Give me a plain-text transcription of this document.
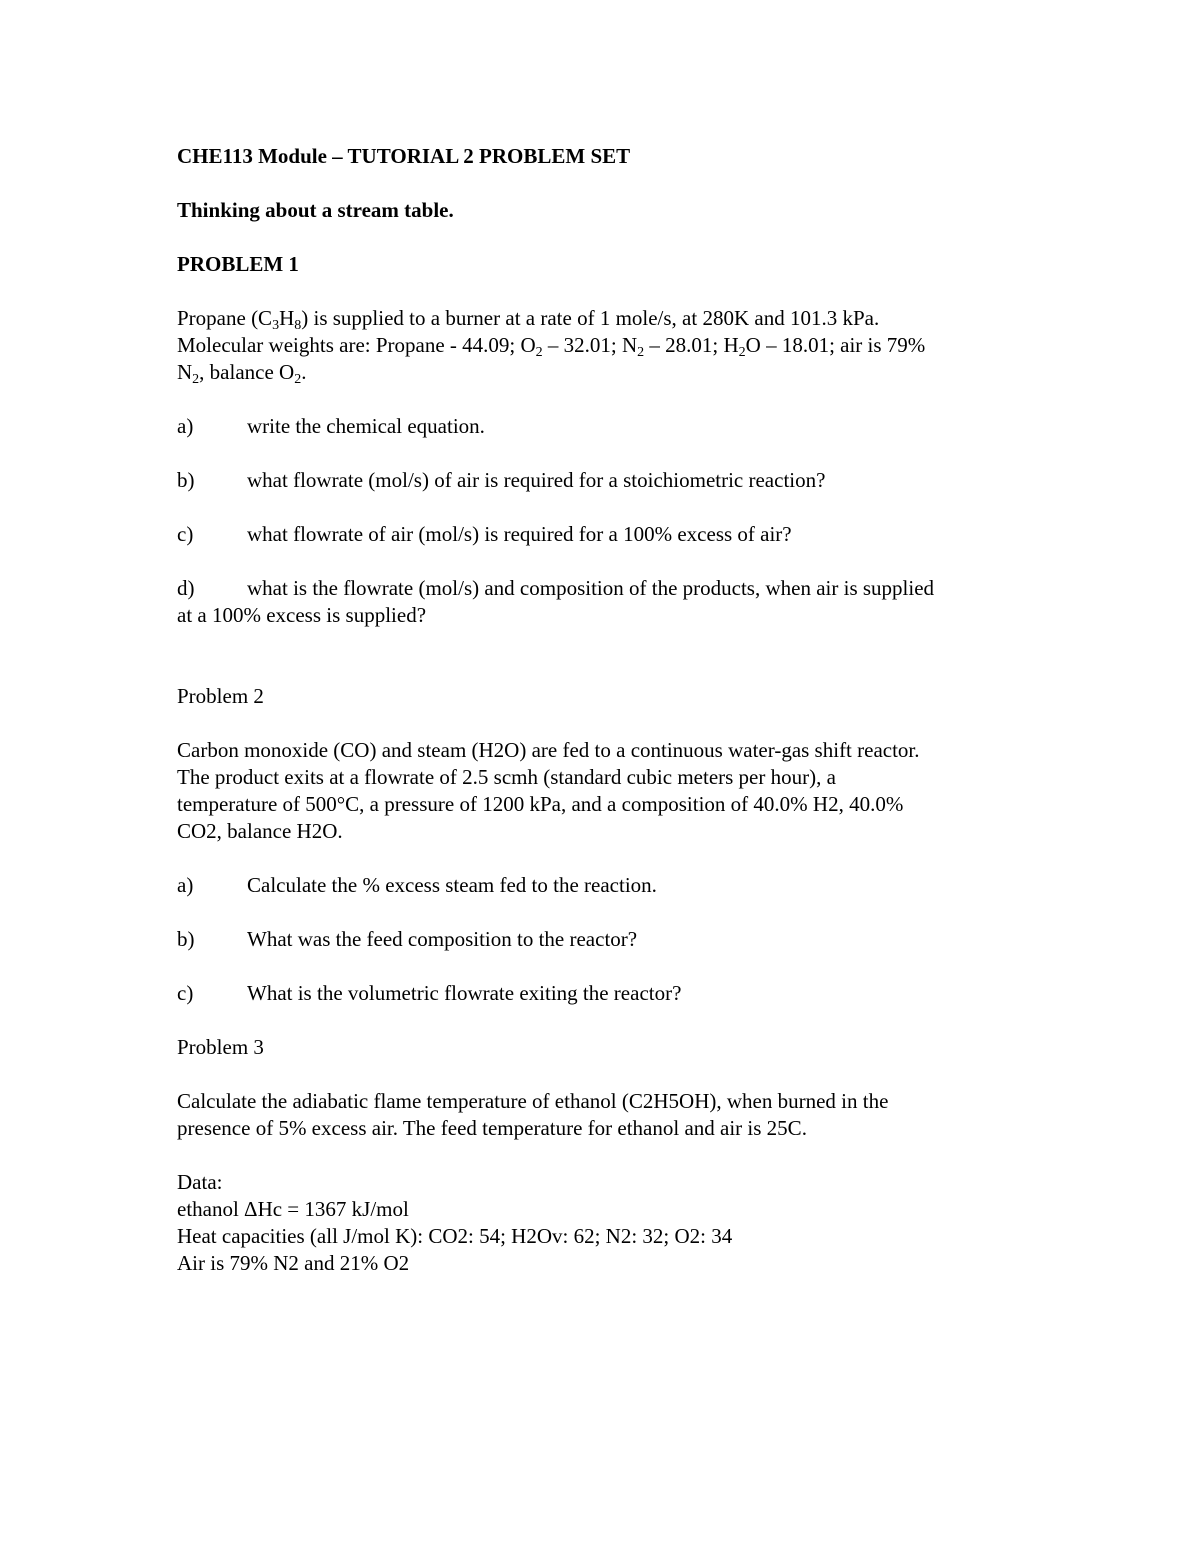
CHE113 Module – TUTORIAL 2 PROBLEM SET

Thinking about a stream table.

PROBLEM 1

Propane $(C_3H_8)$ is supplied to a burner at a rate of 1 mole/s, at 280K and 101.3 kPa.
Molecular weights are: Propane - 44.09; $O_2 - 32.01$; $N_2 - 28.01$; $H_2O - 18.01$; air is 79%
$N_2$, balance $O_2$.

a)	write the chemical equation.
b)	what flowrate (mol/s) of air is required for a stoichiometric reaction?
c)	what flowrate of air (mol/s) is required for a 100% excess of air?
d)	what is the flowrate (mol/s) and composition of the products, when air is supplied
at a 100% excess is supplied?

Problem 2

Carbon monoxide (CO) and steam (H2O) are fed to a continuous water-gas shift reactor.
The product exits at a flowrate of 2.5 scmh (standard cubic meters per hour), a
temperature of 500°C, a pressure of 1200 kPa, and a composition of 40.0% H2, 40.0%
CO2, balance H2O.

a)	Calculate the % excess steam fed to the reaction.
b)	What was the feed composition to the reactor?
c)	What is the volumetric flowrate exiting the reactor?

Problem 3

Calculate the adiabatic flame temperature of ethanol (C2H5OH), when burned in the
presence of 5% excess air. The feed temperature for ethanol and air is 25C.

Data:
ethanol ΔHc = 1367 kJ/mol
Heat capacities (all J/mol K): CO2: 54; H2Ov: 62; N2: 32; O2: 34
Air is 79% N2 and 21% O2
